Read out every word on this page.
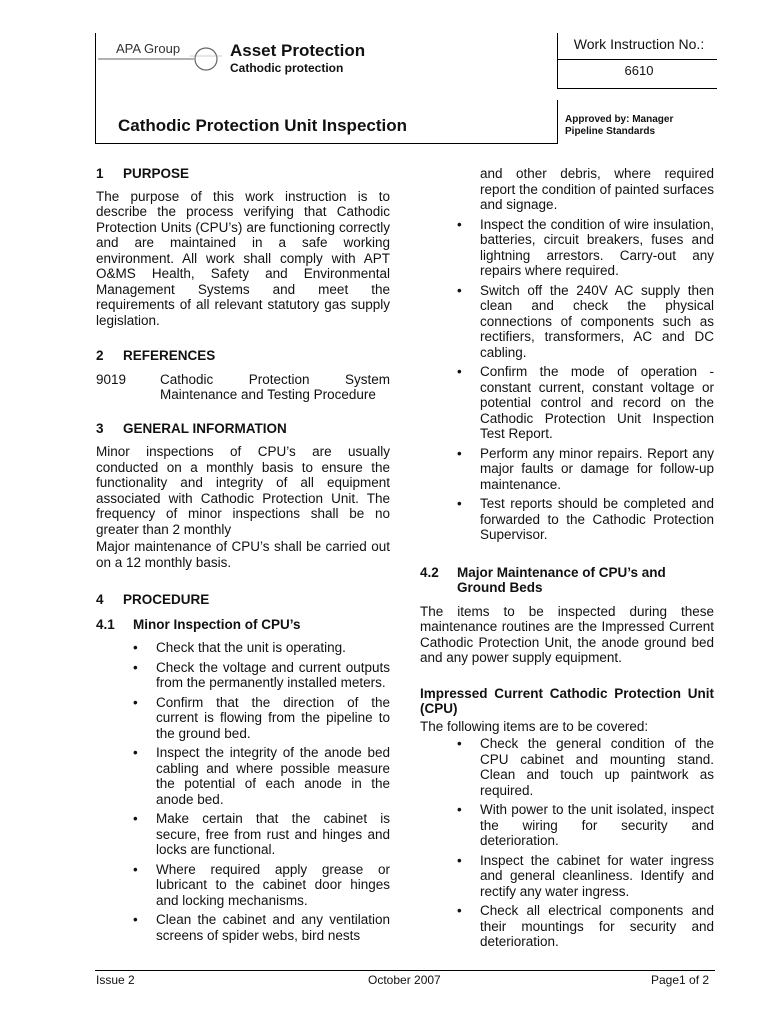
APA Group	Asset Protection
Cathodic protection
Cathodic Protection Unit Inspection
Work Instruction No.:
6610
Approved by: Manager
Pipeline Standards
1	PURPOSE

The purpose of this work instruction is to describe the process verifying that Cathodic Protection Units (CPU’s) are functioning correctly and are maintained in a safe working environment. All work shall comply with APT O&MS Health, Safety and Environmental Management Systems and meet the requirements of all relevant statutory gas supply legislation.

2	REFERENCES
9019	Cathodic Protection System Maintenance and Testing Procedure
3	GENERAL INFORMATION

Minor inspections of CPU’s are usually conducted on a monthly basis to ensure the functionality and integrity of all equipment associated with Cathodic Protection Unit. The frequency of minor inspections shall be no greater than 2 monthly

Major maintenance of CPU’s shall be carried out on a 12 monthly basis.

4	PROCEDURE
4.1	Minor Inspection of CPU’s
• Check that the unit is operating.
• Check the voltage and current outputs from the permanently installed meters.
• Confirm that the direction of the current is flowing from the pipeline to the ground bed.
• Inspect the integrity of the anode bed cabling and where possible measure the potential of each anode in the anode bed.
• Make certain that the cabinet is secure, free from rust and hinges and locks are functional.
• Where required apply grease or lubricant to the cabinet door hinges and locking mechanisms.
• Clean the cabinet and any ventilation screens of spider webs, bird nests

and other debris, where required report the condition of painted surfaces and signage.

• Inspect the condition of wire insulation, batteries, circuit breakers, fuses and lightning arrestors. Carry-out any repairs where required.
• Switch off the 240V AC supply then clean and check the physical connections of components such as rectifiers, transformers, AC and DC cabling.
• Confirm the mode of operation - constant current, constant voltage or potential control and record on the Cathodic Protection Unit Inspection Test Report.
• Perform any minor repairs. Report any major faults or damage for follow-up maintenance.
• Test reports should be completed and forwarded to the Cathodic Protection Supervisor.
4.2	Major Maintenance of CPU’s and Ground Beds

The items to be inspected during these maintenance routines are the Impressed Current Cathodic Protection Unit, the anode ground bed and any power supply equipment.

Impressed Current Cathodic Protection Unit (CPU)

The following items are to be covered:

• Check the general condition of the CPU cabinet and mounting stand. Clean and touch up paintwork as required.
• With power to the unit isolated, inspect the wiring for security and deterioration.
• Inspect the cabinet for water ingress and general cleanliness. Identify and rectify any water ingress.
• Check all electrical components and their mountings for security and deterioration.
Issue 2	October 2007	Page1 of 2
